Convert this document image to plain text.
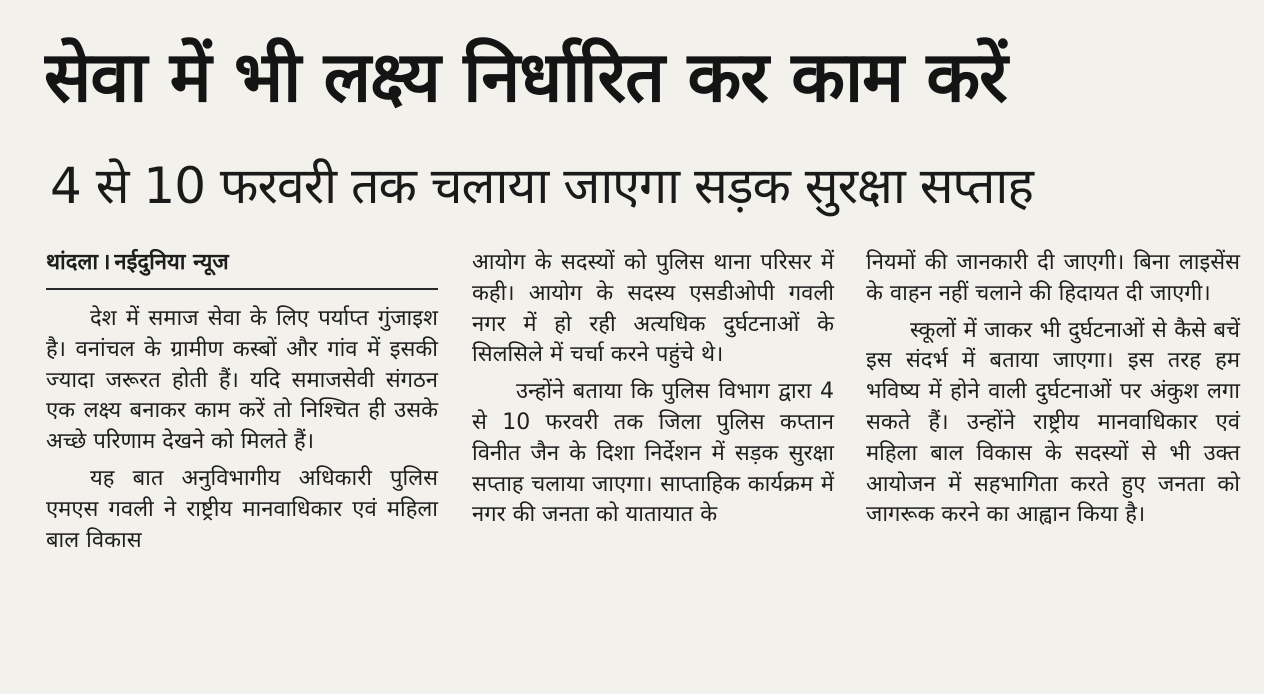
सेवा में भी लक्ष्य निर्धारित कर काम करें
4 से 10 फरवरी तक चलाया जाएगा सड़क सुरक्षा सप्ताह
थांदला । नईदुनिया न्यूज

देश में समाज सेवा के लिए पर्याप्त गुंजाइश है। वनांचल के ग्रामीण कस्बों और गांव में इसकी ज्यादा जरूरत होती हैं। यदि समाजसेवी संगठन एक लक्ष्य बनाकर काम करें तो निश्चित ही उसके अच्छे परिणाम देखने को मिलते हैं।

यह बात अनुविभागीय अधिकारी पुलिस एमएस गवली ने राष्ट्रीय मानवाधिकार एवं महिला बाल विकास

आयोग के सदस्यों को पुलिस थाना परिसर में कही। आयोग के सदस्य एसडीओपी गवली नगर में हो रही अत्यधिक दुर्घटनाओं के सिलसिले में चर्चा करने पहुंचे थे।

उन्होंने बताया कि पुलिस विभाग द्वारा 4 से 10 फरवरी तक जिला पुलिस कप्तान विनीत जैन के दिशा निर्देशन में सड़क सुरक्षा सप्ताह चलाया जाएगा। साप्ताहिक कार्यक्रम में नगर की जनता को यातायात के

नियमों की जानकारी दी जाएगी। बिना लाइसेंस के वाहन नहीं चलाने की हिदायत दी जाएगी।

स्कूलों में जाकर भी दुर्घटनाओं से कैसे बचें इस संदर्भ में बताया जाएगा। इस तरह हम भविष्य में होने वाली दुर्घटनाओं पर अंकुश लगा सकते हैं। उन्होंने राष्ट्रीय मानवाधिकार एवं महिला बाल विकास के सदस्यों से भी उक्त आयोजन में सहभागिता करते हुए जनता को जागरूक करने का आह्वान किया है।
